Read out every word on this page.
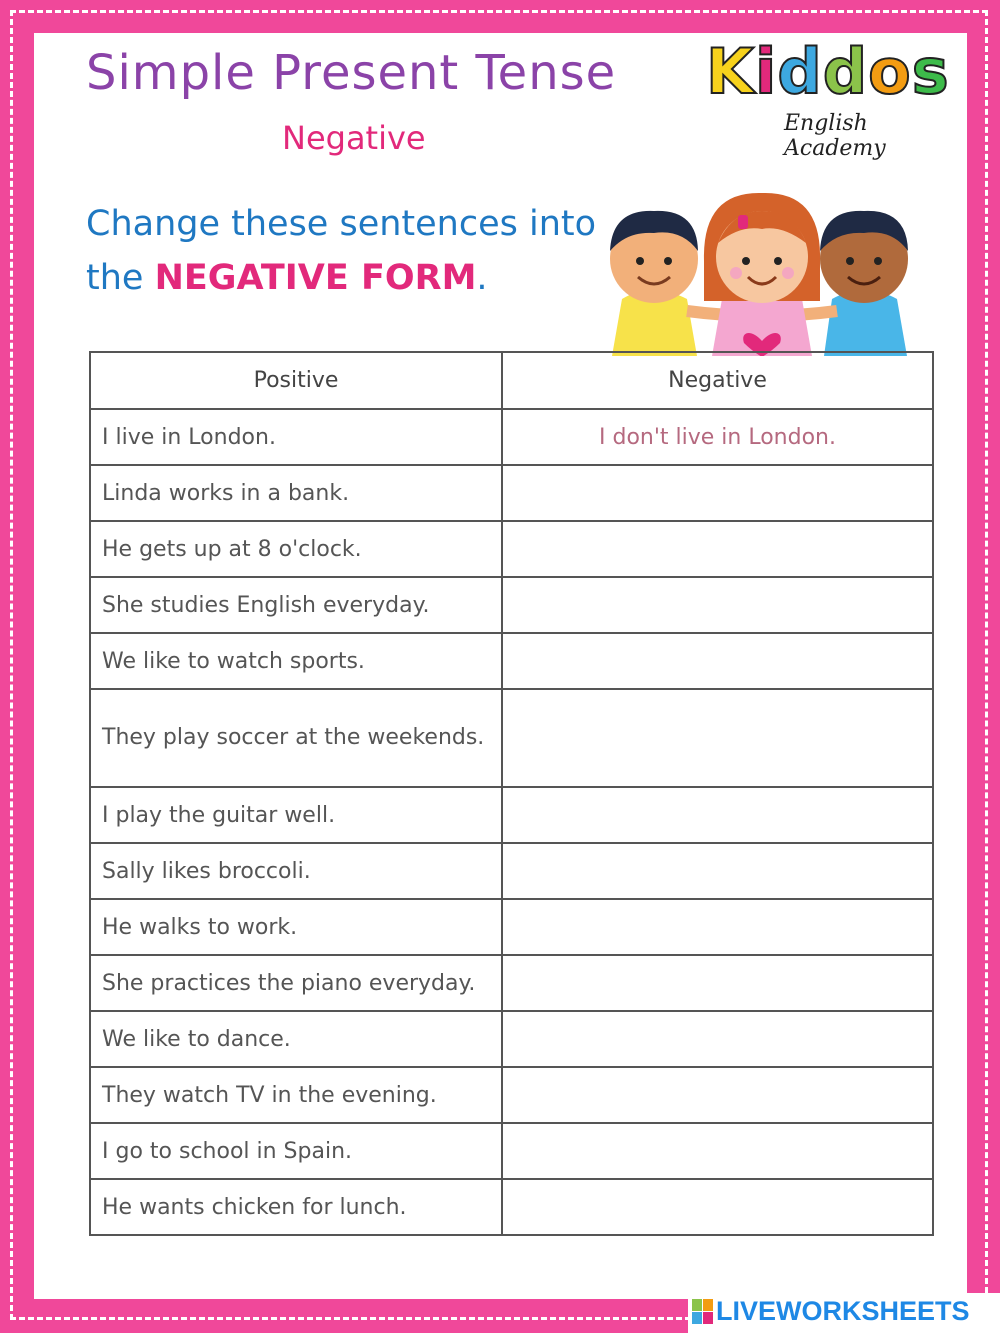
Simple Present Tense
Negative
Kiddos
English Academy
Change these sentences into the NEGATIVE FORM.
Positive	Negative
I live in London.	I don't live in London.
Linda works in a bank.	
He gets up at 8 o'clock.	
She studies English everyday.	
We like to watch sports.	
They play soccer at the weekends.	
I play the guitar well.	
Sally likes broccoli.	
He walks to work.	
She practices the piano everyday.	
We like to dance.	
They watch TV in the evening.	
I go to school in Spain.	
He wants chicken for lunch.	
LIVEWORKSHEETS
